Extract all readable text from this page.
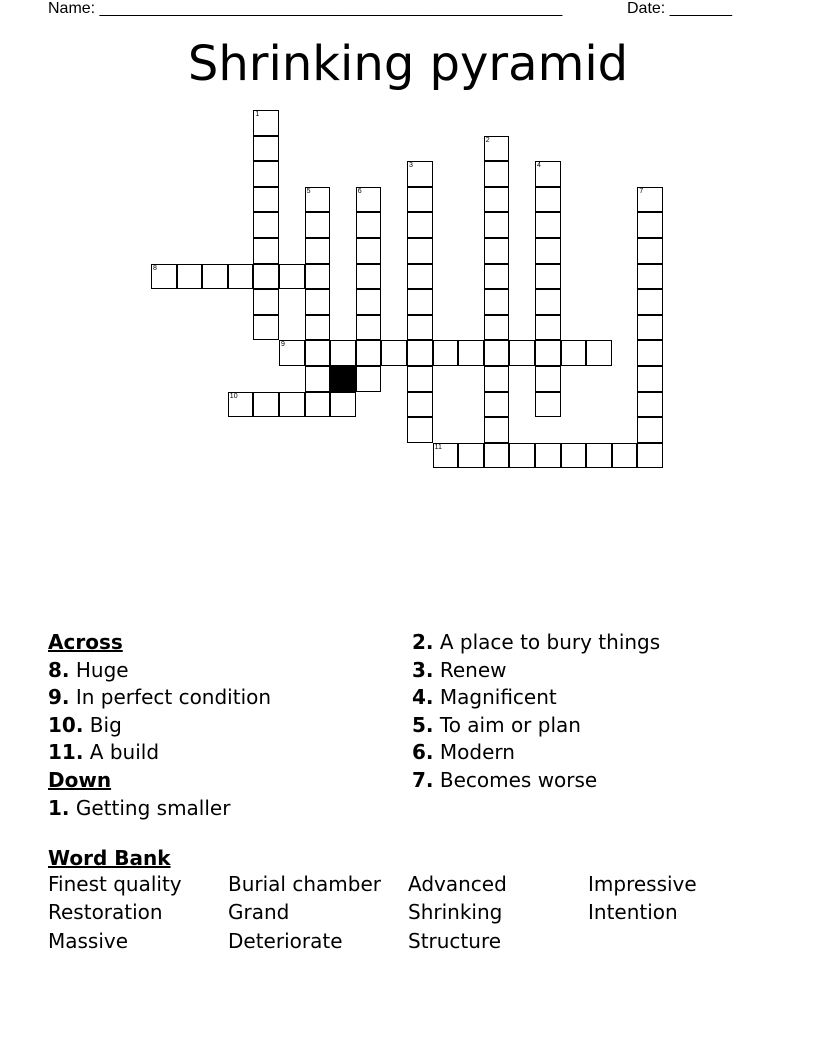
Name: ____________________________________________________	Date: _______
Shrinking pyramid
1
2
3	4
5	6	7
8
9
10
11
Across
8. Huge
9. In perfect condition
10. Big
11. A build
Down
1. Getting smaller
2. A place to bury things
3. Renew
4. Magnificent
5. To aim or plan
6. Modern
7. Becomes worse
Word Bank
Finest quality	Burial chamber	Advanced	Impressive
Restoration	Grand	Shrinking	Intention
Massive	Deteriorate	Structure
